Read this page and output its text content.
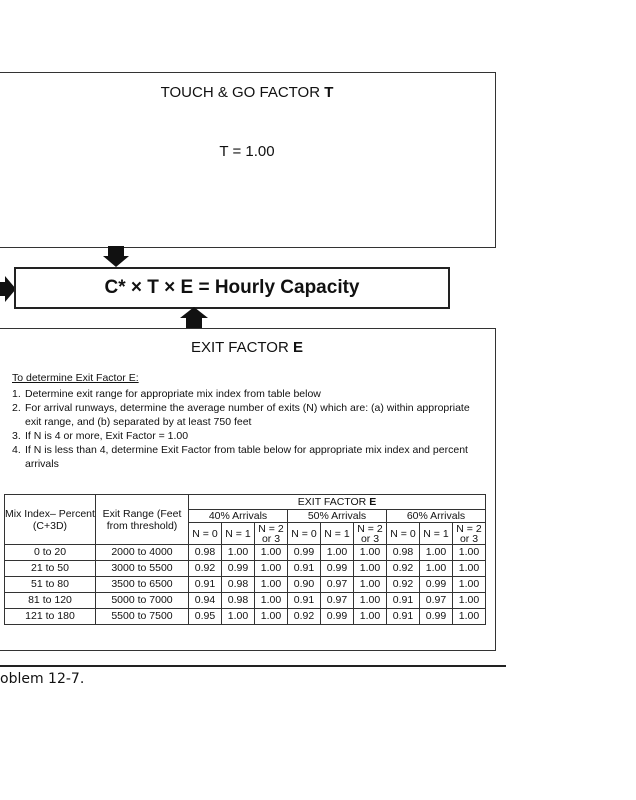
TOUCH & GO FACTOR T
T = 1.00
C* × T × E = Hourly Capacity
EXIT FACTOR E
To determine Exit Factor E:
1. Determine exit range for appropriate mix index from table below
2. For arrival runways, determine the average number of exits (N) which are: (a) within appropriate exit range, and (b) separated by at least 750 feet
3. If N is 4 or more, Exit Factor = 1.00
4. If N is less than 4, determine Exit Factor from table below for appropriate mix index and percent arrivals
Mix Index– Percent (C+3D)	Exit Range (Feet from threshold)	EXIT FACTOR E								
		40% Arrivals			50% Arrivals			60% Arrivals		
		N = 0	N = 1	N = 2 or 3	N = 0	N = 1	N = 2 or 3	N = 0	N = 1	N = 2 or 3
0 to 20	2000 to 4000	0.98	1.00	1.00	0.99	1.00	1.00	0.98	1.00	1.00
21 to 50	3000 to 5500	0.92	0.99	1.00	0.91	0.99	1.00	0.92	1.00	1.00
51 to 80	3500 to 6500	0.91	0.98	1.00	0.90	0.97	1.00	0.92	0.99	1.00
81 to 120	5000 to 7000	0.94	0.98	1.00	0.91	0.97	1.00	0.91	0.97	1.00
121 to 180	5500 to 7500	0.95	1.00	1.00	0.92	0.99	1.00	0.91	0.99	1.00
oblem 12-7.
